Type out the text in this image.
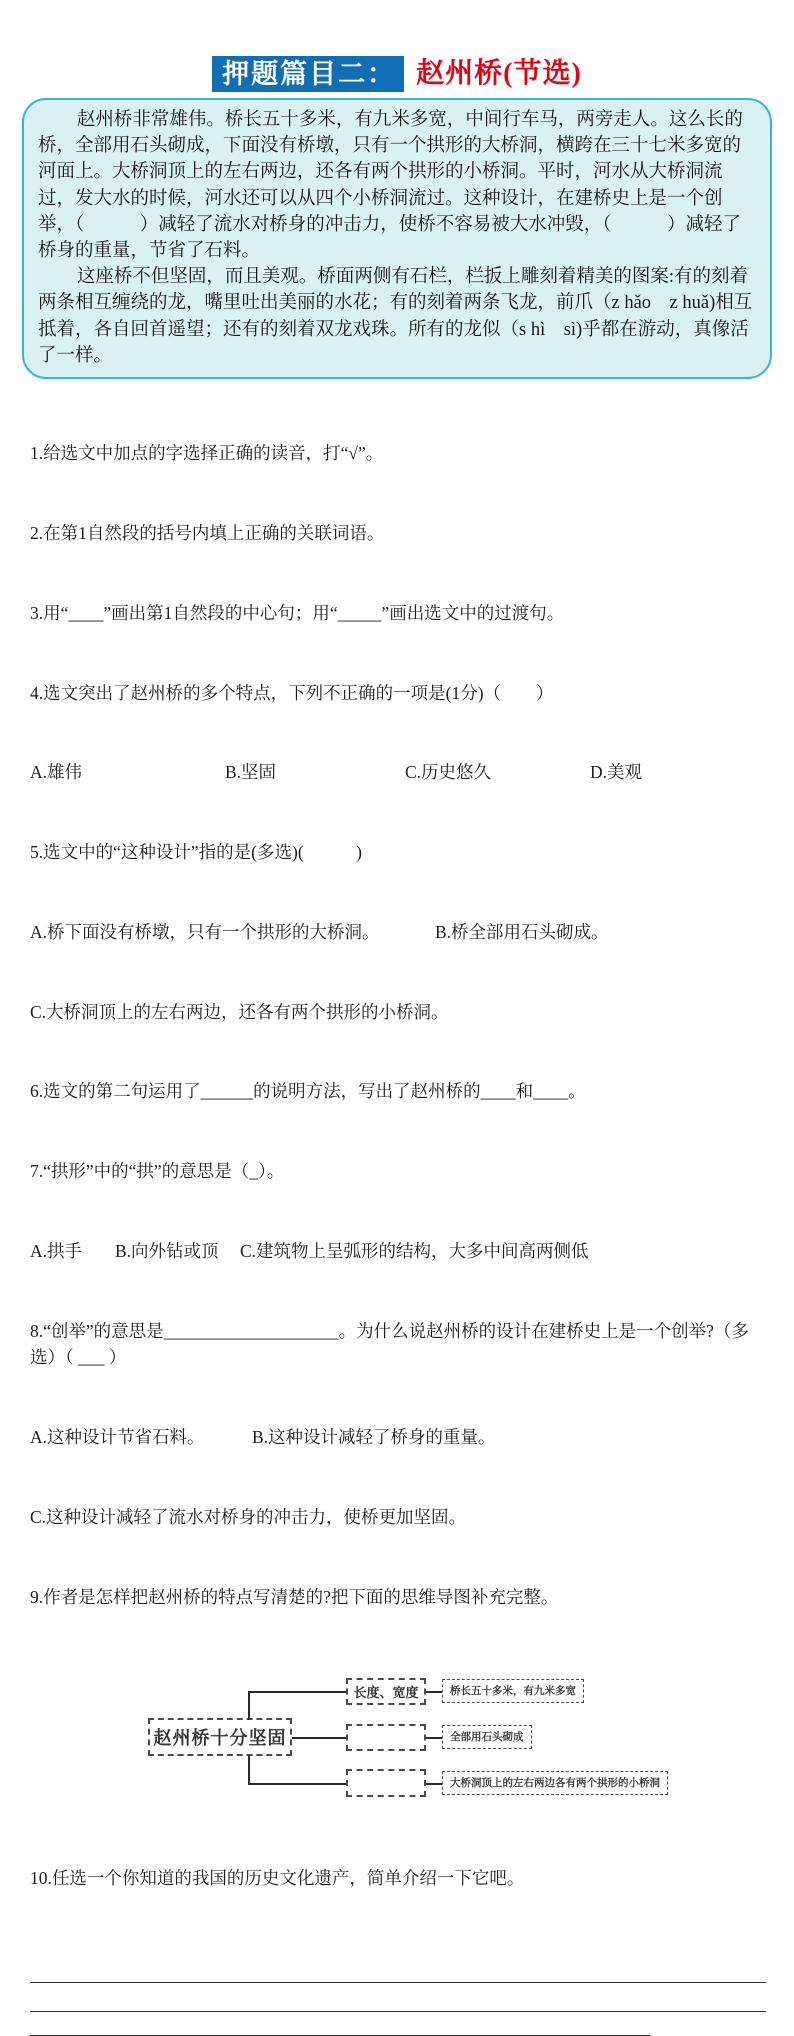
押题篇目二： 赵州桥(节选)

赵州桥非常雄伟。桥长五十多米，有九米多宽，中间行车马，两旁走人。这么长的桥，全部用石头砌成，下面没有桥墩，只有一个拱形的大桥洞，横跨在三十七米多宽的河面上。大桥洞顶上的左右两边，还各有两个拱形的小桥洞。平时，河水从大桥洞流过，发大水的时候，河水还可以从四个小桥洞流过。这种设计，在建桥史上是一个创举，（　　　）减轻了流水对桥身的冲击力，使桥不容易被大水冲毁，（　　　）减轻了桥身的重量，节省了石料。

这座桥不但坚固，而且美观。桥面两侧有石栏，栏扳上雕刻着精美的图案:有的刻着两条相互缠绕的龙，嘴里吐出美丽的水花；有的刻着两条飞龙，前爪（z hǎo　z huǎ)相互抵着，各自回首遥望；还有的刻着双龙戏珠。所有的龙似（s hì　sì)乎都在游动，真像活了一样。

1.给选文中加点的字选择正确的读音，打“√”。

2.在第1自然段的括号内填上正确的关联词语。

3.用“____”画出第1自然段的中心句；用“_____”画出选文中的过渡句。

4.选文突出了赵州桥的多个特点，下列不正确的一项是(1分)（　　）

A.雄伟	B.坚固	C.历史悠久	D.美观

5.选文中的“这种设计”指的是(多选)(　　　)

A.桥下面没有桥墩，只有一个拱形的大桥洞。	B.桥全部用石头砌成。

C.大桥洞顶上的左右两边，还各有两个拱形的小桥洞。

6.选文的第二句运用了______的说明方法，写出了赵州桥的____和____。

7.“拱形”中的“拱”的意思是（_）。

A.拱手	B.向外钻或顶	C.建筑物上呈弧形的结构，大多中间高两侧低

8.“创举”的意思是____________________。为什么说赵州桥的设计在建桥史上是一个创举?（多选）（ ___ ）

A.这种设计节省石料。	B.这种设计减轻了桥身的重量。

C.这种设计减轻了流水对桥身的冲击力，使桥更加坚固。

9.作者是怎样把赵州桥的特点写清楚的?把下面的思维导图补充完整。

赵州桥十分坚固
长度、宽度	桥长五十多米，有九米多宽
全部用石头砌成
大桥洞顶上的左右两边各有两个拱形的小桥洞

10.任选一个你知道的我国的历史文化遗产，简单介绍一下它吧。
